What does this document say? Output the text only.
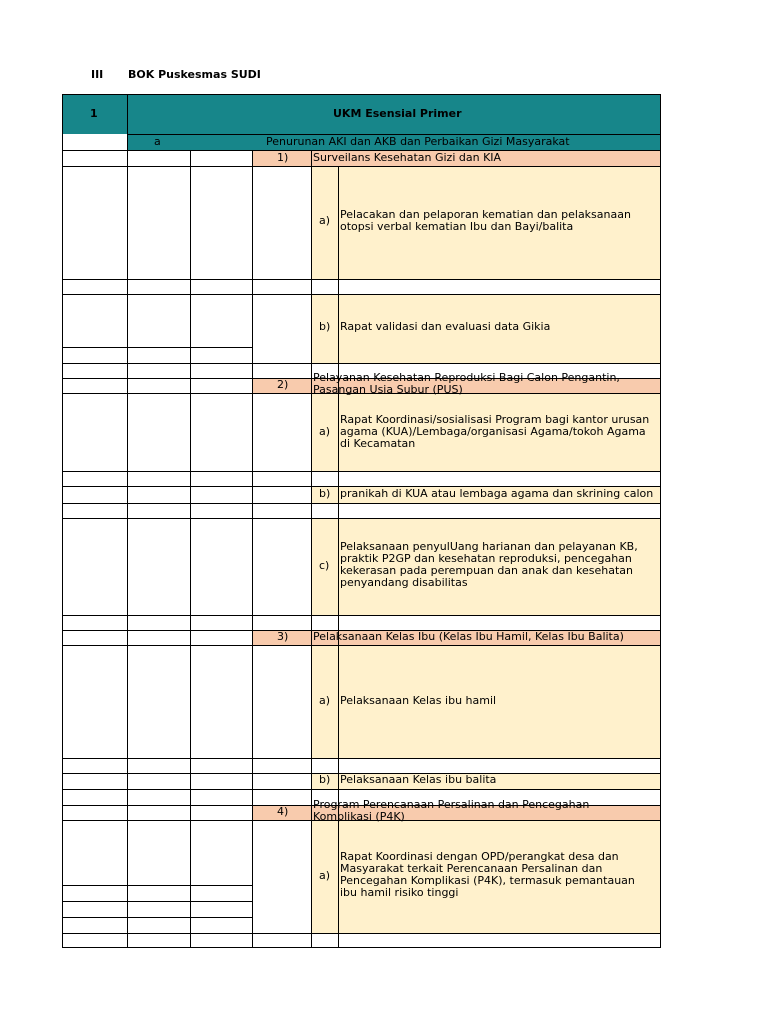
III BOK Puskesmas SUDI
1	UKM Esensial Primer
a	Penurunan AKI dan AKB dan Perbaikan Gizi Masyarakat
1) Surveilans Kesehatan Gizi dan KIA
a) Pelacakan dan pelaporan kematian dan pelaksanaan
otopsi verbal kematian Ibu dan Bayi/balita
b) Rapat validasi dan evaluasi data Gikia
2)
Pelayanan Kesehatan Reproduksi Bagi Calon Pengantin,
Pasangan Usia Subur (PUS)
a)
Rapat Koordinasi/sosialisasi Program bagi kantor urusan
agama (KUA)/Lembaga/organisasi Agama/tokoh Agama
di Kecamatan
b) pranikah di KUA atau lembaga agama dan skrining calon
c)
Pelaksanaan penyulUang harianan dan pelayanan KB,
praktik P2GP dan kesehatan reproduksi, pencegahan
kekerasan pada perempuan dan anak dan kesehatan
penyandang disabilitas
3) Pelaksanaan Kelas Ibu (Kelas Ibu Hamil, Kelas Ibu Balita)
a) Pelaksanaan Kelas ibu hamil
b) Pelaksanaan Kelas ibu balita
4)
Program Perencanaan Persalinan dan Pencegahan
Komplikasi (P4K)
a)
Rapat Koordinasi dengan OPD/perangkat desa dan
Masyarakat terkait Perencanaan Persalinan dan
Pencegahan Komplikasi (P4K), termasuk pemantauan
ibu hamil risiko tinggi
